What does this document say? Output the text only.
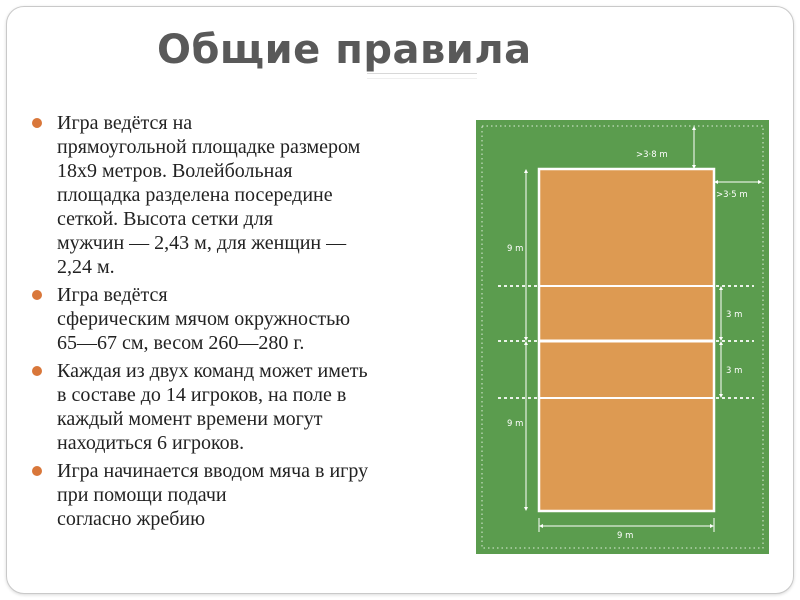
Общие правила
Игра ведётся на
прямоугольной площадке размером
18x9 метров. Волейбольная
площадка разделена посередине
сеткой. Высота сетки для
мужчин — 2,43 м, для женщин —
2,24 м.
Игра ведётся
сферическим мячом окружностью
65—67 см, весом 260—280 г.
Каждая из двух команд может иметь
в составе до 14 игроков, на поле в
каждый момент времени могут
находиться 6 игроков.
Игра начинается вводом мяча в игру
при помощи подачи
согласно жребию
>3·8 m
>3·5 m
9 m
9 m
3 m
3 m
9 m
